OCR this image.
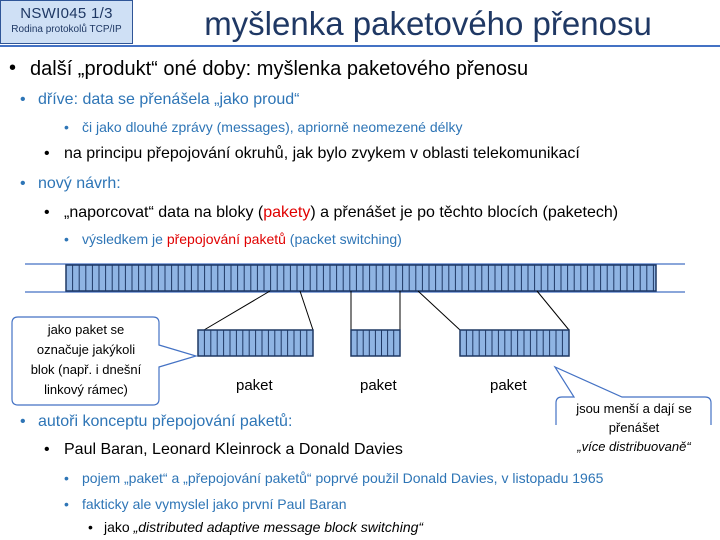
NSWI045 1/3
Rodina protokolů TCP/IP	myšlenka paketového přenosu
• další „produkt“ oné doby: myšlenka paketového přenosu
• dříve: data se přenášela „jako proud“
• či jako dlouhé zprávy (messages), apriorně neomezené délky
• na principu přepojování okruhů, jak bylo zvykem v oblasti telekomunikací
• nový návrh:
• „naporcovat“ data na bloky (pakety) a přenášet je po těchto blocích (paketech)
• výsledkem je přepojování paketů (packet switching)
paket	paket	paket
jako paket se
označuje jakýkoli
blok (např. i dnešní
linkový rámec)
jsou menší a dají se
přenášet
„více distribuovaně“
• autoři konceptu přepojování paketů:
• Paul Baran, Leonard Kleinrock a Donald Davies
• pojem „paket“ a „přepojování paketů“ poprvé použil Donald Davies, v listopadu 1965
• fakticky ale vymyslel jako první Paul Baran
• jako „distributed adaptive message block switching“
